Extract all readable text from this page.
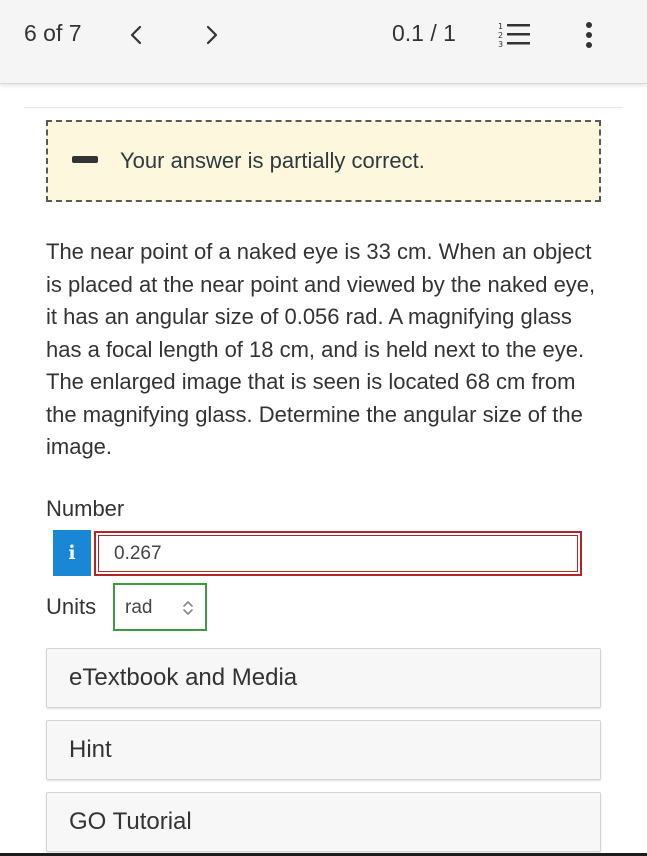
6 of 7	0.1 / 1	1
2
3
Your answer is partially correct.
The near point of a naked eye is 33 cm. When an object is placed at the near point and viewed by the naked eye, it has an angular size of 0.056 rad. A magnifying glass has a focal length of 18 cm, and is held next to the eye. The enlarged image that is seen is located 68 cm from the magnifying glass. Determine the angular size of the image.
Number
i	0.267
Units rad
eTextbook and Media
Hint
GO Tutorial
